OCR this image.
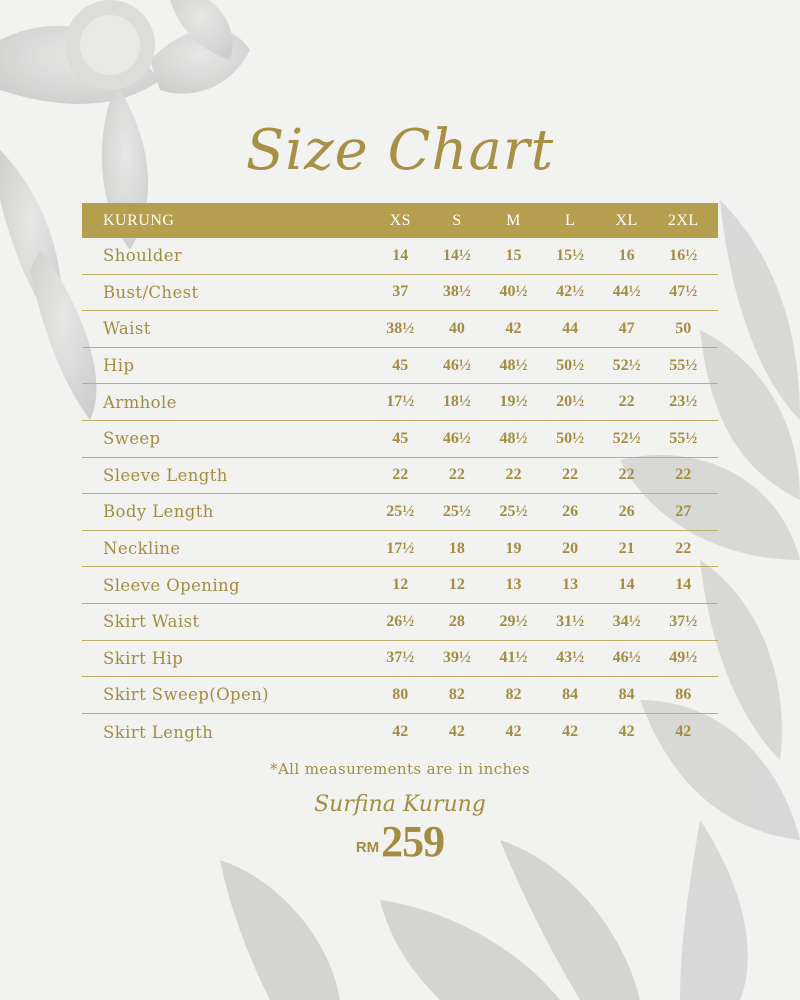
Size Chart
KURUNG	XS	S	M	L	XL	2XL
Shoulder	14	14½	15	15½	16	16½
Bust/Chest	37	38½	40½	42½	44½	47½
Waist	38½	40	42	44	47	50
Hip	45	46½	48½	50½	52½	55½
Armhole	17½	18½	19½	20½	22	23½
Sweep	45	46½	48½	50½	52½	55½
Sleeve Length	22	22	22	22	22	22
Body Length	25½	25½	25½	26	26	27
Neckline	17½	18	19	20	21	22
Sleeve Opening	12	12	13	13	14	14
Skirt Waist	26½	28	29½	31½	34½	37½
Skirt Hip	37½	39½	41½	43½	46½	49½
Skirt Sweep(Open)	80	82	82	84	84	86
Skirt Length	42	42	42	42	42	42
*All measurements are in inches
Surfina Kurung
RM259
